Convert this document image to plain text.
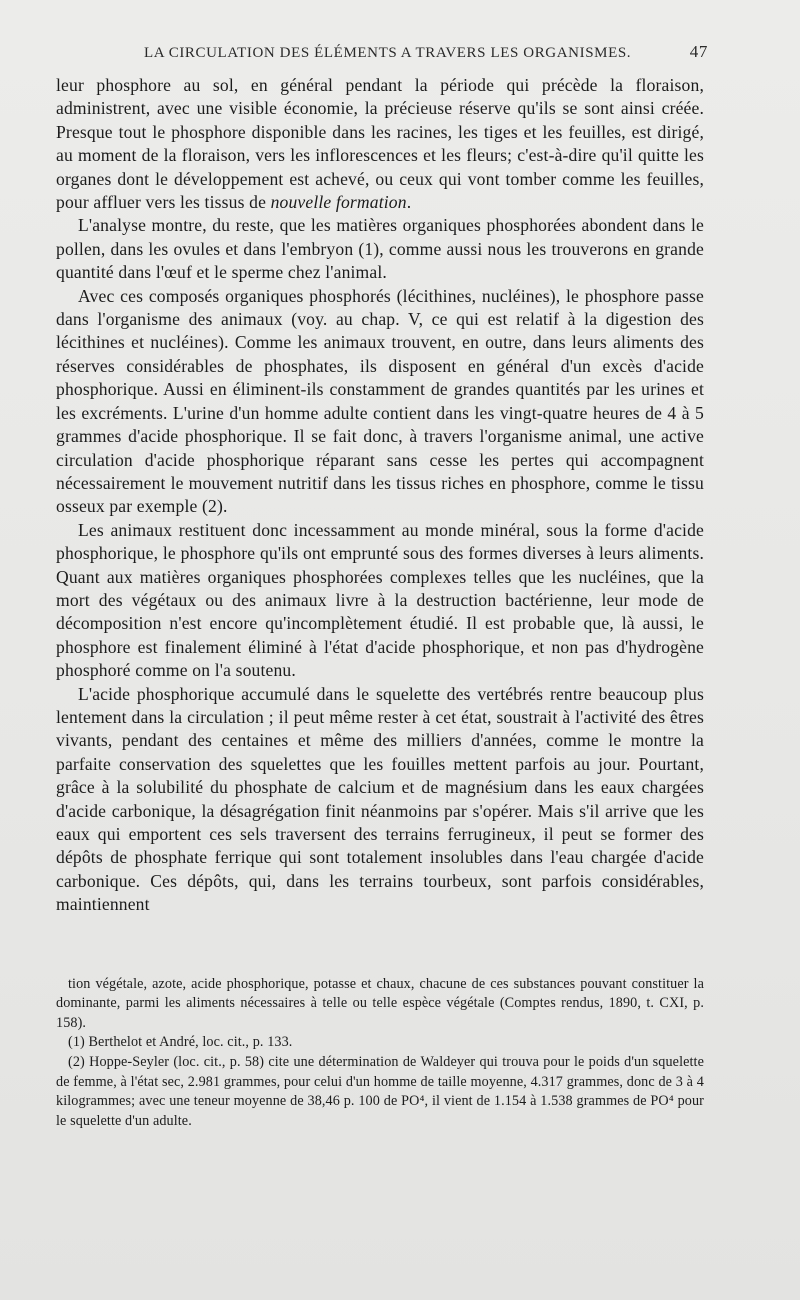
LA CIRCULATION DES ÉLÉMENTS A TRAVERS LES ORGANISMES.	47

leur phosphore au sol, en général pendant la période qui précède la floraison, administrent, avec une visible économie, la précieuse réserve qu'ils se sont ainsi créée. Presque tout le phosphore disponible dans les racines, les tiges et les feuilles, est dirigé, au moment de la floraison, vers les inflorescences et les fleurs; c'est-à-dire qu'il quitte les organes dont le développement est achevé, ou ceux qui vont tomber comme les feuilles, pour affluer vers les tissus de nouvelle formation.

L'analyse montre, du reste, que les matières organiques phosphorées abondent dans le pollen, dans les ovules et dans l'embryon (1), comme aussi nous les trouverons en grande quantité dans l'œuf et le sperme chez l'animal.

Avec ces composés organiques phosphorés (lécithines, nucléines), le phosphore passe dans l'organisme des animaux (voy. au chap. V, ce qui est relatif à la digestion des lécithines et nucléines). Comme les animaux trouvent, en outre, dans leurs aliments des réserves considérables de phosphates, ils disposent en général d'un excès d'acide phosphorique. Aussi en éliminent-ils constamment de grandes quantités par les urines et les excréments. L'urine d'un homme adulte contient dans les vingt-quatre heures de 4 à 5 grammes d'acide phosphorique. Il se fait donc, à travers l'organisme animal, une active circulation d'acide phosphorique réparant sans cesse les pertes qui accompagnent nécessairement le mouvement nutritif dans les tissus riches en phosphore, comme le tissu osseux par exemple (2).

Les animaux restituent donc incessamment au monde minéral, sous la forme d'acide phosphorique, le phosphore qu'ils ont emprunté sous des formes diverses à leurs aliments. Quant aux matières organiques phosphorées complexes telles que les nucléines, que la mort des végétaux ou des animaux livre à la destruction bactérienne, leur mode de décomposition n'est encore qu'incomplètement étudié. Il est probable que, là aussi, le phosphore est finalement éliminé à l'état d'acide phosphorique, et non pas d'hydrogène phosphoré comme on l'a soutenu.

L'acide phosphorique accumulé dans le squelette des vertébrés rentre beaucoup plus lentement dans la circulation ; il peut même rester à cet état, soustrait à l'activité des êtres vivants, pendant des centaines et même des milliers d'années, comme le montre la parfaite conservation des squelettes que les fouilles mettent parfois au jour. Pourtant, grâce à la solubilité du phosphate de calcium et de magnésium dans les eaux chargées d'acide carbonique, la désagrégation finit néanmoins par s'opérer. Mais s'il arrive que les eaux qui emportent ces sels traversent des terrains ferrugineux, il peut se former des dépôts de phosphate ferrique qui sont totalement insolubles dans l'eau chargée d'acide carbonique. Ces dépôts, qui, dans les terrains tourbeux, sont parfois considérables, maintiennent

tion végétale, azote, acide phosphorique, potasse et chaux, chacune de ces substances pouvant constituer la dominante, parmi les aliments nécessaires à telle ou telle espèce végétale (Comptes rendus, 1890, t. CXI, p. 158).

(1) Berthelot et André, loc. cit., p. 133.

(2) Hoppe-Seyler (loc. cit., p. 58) cite une détermination de Waldeyer qui trouva pour le poids d'un squelette de femme, à l'état sec, 2.981 grammes, pour celui d'un homme de taille moyenne, 4.317 grammes, donc de 3 à 4 kilogrammes; avec une teneur moyenne de 38,46 p. 100 de PO⁴, il vient de 1.154 à 1.538 grammes de PO⁴ pour le squelette d'un adulte.
